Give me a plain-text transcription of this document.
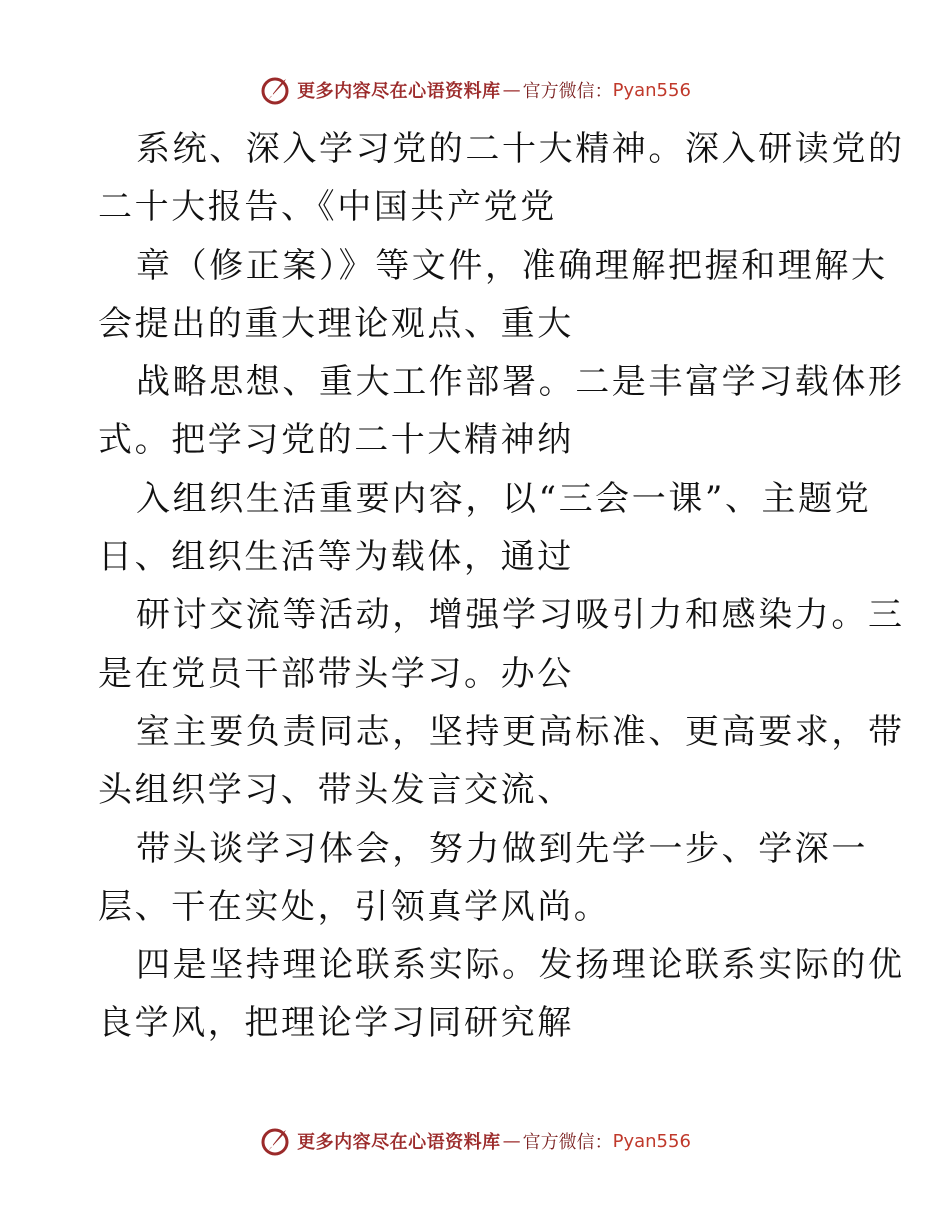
更多内容尽在心语资料库 — 官方微信： Pyan556
系统、深入学习党的二十大精神。深入研读党的
二十大报告、《中国共产党党
章（修正案）》等文件，准确理解把握和理解大
会提出的重大理论观点、重大
战略思想、重大工作部署。二是丰富学习载体形
式。把学习党的二十大精神纳
入组织生活重要内容，以“三会一课”、主题党
日、组织生活等为载体，通过
研讨交流等活动，增强学习吸引力和感染力。三
是在党员干部带头学习。办公
室主要负责同志，坚持更高标准、更高要求，带
头组织学习、带头发言交流、
带头谈学习体会，努力做到先学一步、学深一
层、干在实处，引领真学风尚。
四是坚持理论联系实际。发扬理论联系实际的优
良学风，把理论学习同研究解
更多内容尽在心语资料库 — 官方微信： Pyan556
